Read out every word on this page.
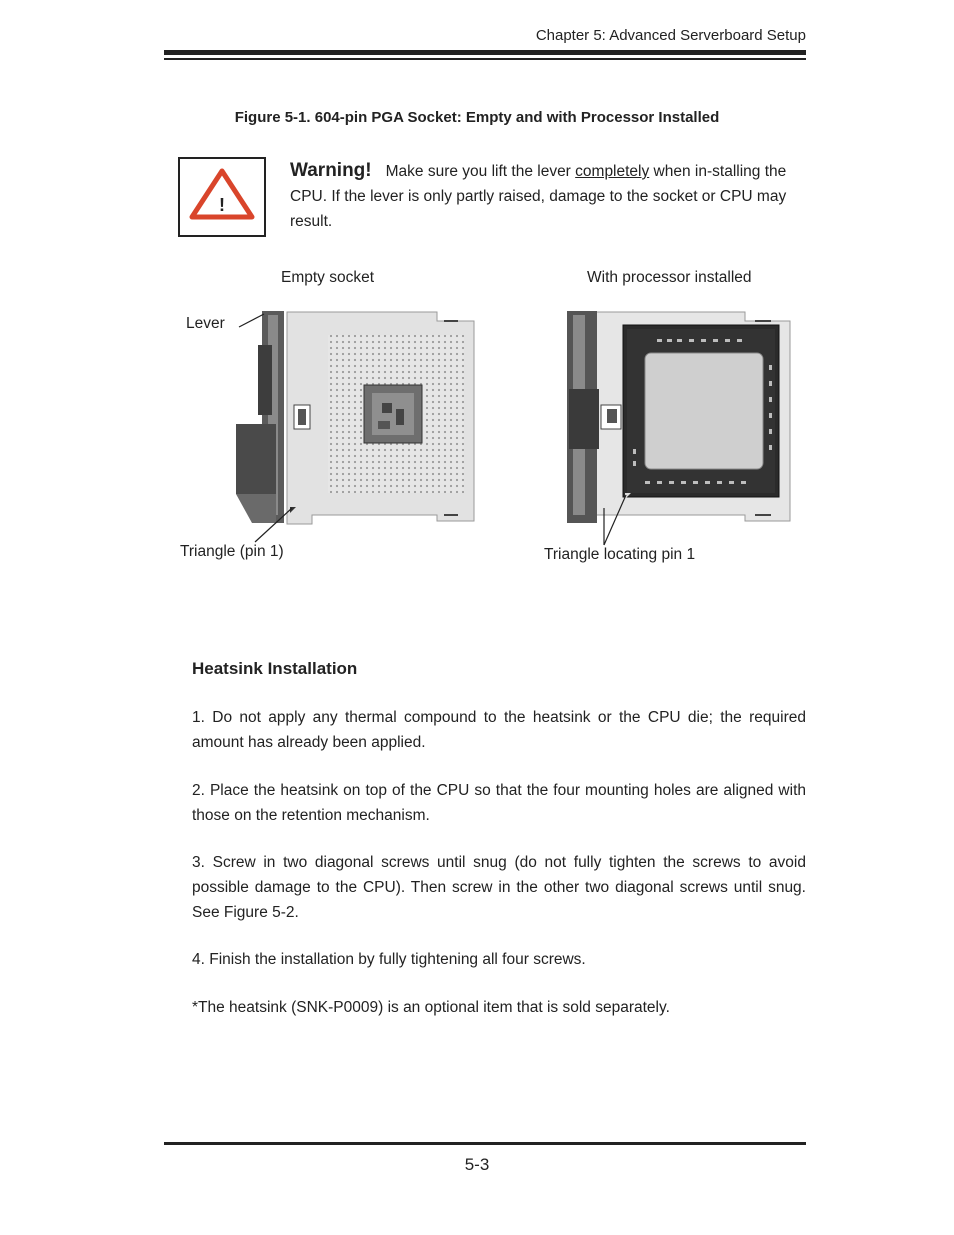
Chapter 5: Advanced Serverboard Setup
Figure 5-1. 604-pin PGA Socket: Empty and with Processor Installed
!
Warning! Make sure you lift the lever completely when in-stalling the CPU. If the lever is only partly raised, damage to the socket or CPU may result.
Empty socket	With processor installed
Lever
Triangle (pin 1)	Triangle locating pin 1
Heatsink Installation
1. Do not apply any thermal compound to the heatsink or the CPU die; the required amount has already been applied.
2. Place the heatsink on top of the CPU so that the four mounting holes are aligned with those on the retention mechanism.
3. Screw in two diagonal screws until snug (do not fully tighten the screws to avoid possible damage to the CPU). Then screw in the other two diagonal screws until snug. See Figure 5-2.
4. Finish the installation by fully tightening all four screws.
*The heatsink (SNK-P0009) is an optional item that is sold separately.
5-3
